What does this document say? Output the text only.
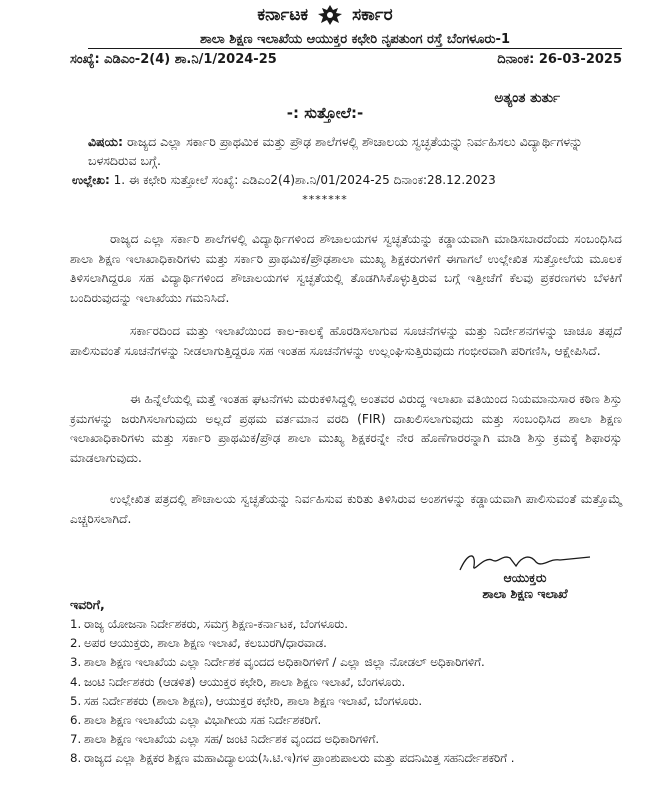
ಕರ್ನಾಟಕ	ಸರ್ಕಾರ
ಶಾಲಾ ಶಿಕ್ಷಣ ಇಲಾಖೆಯ ಆಯುಕ್ತರ ಕಛೇರಿ ನೃಪತುಂಗ ರಸ್ತೆ ಬೆಂಗಳೂರು-1
ಸಂಖ್ಯೆ: ಎಡಿಎಂ-2(4) ಶಾ.ನಿ/1/2024-25	ದಿನಾಂಕ: 26-03-2025
ಅತ್ಯಂತ ತುರ್ತು
-: ಸುತ್ತೋಲೆ:-
ವಿಷಯ: ರಾಜ್ಯದ ಎಲ್ಲಾ ಸರ್ಕಾರಿ ಪ್ರಾಥಮಿಕ ಮತ್ತು ಪ್ರೌಢ ಶಾಲೆಗಳಲ್ಲಿ ಶೌಚಾಲಯ ಸ್ವಚ್ಛತೆಯನ್ನು ನಿರ್ವಹಿಸಲು ವಿದ್ಯಾರ್ಥಿಗಳನ್ನು ಬಳಸದಿರುವ ಬಗ್ಗೆ.
ಉಲ್ಲೇಖ: 1. ಈ ಕಛೇರಿ ಸುತ್ತೋಲೆ ಸಂಖ್ಯೆ: ಎಡಿಎಂ2(4)ಶಾ.ನಿ/01/2024-25 ದಿನಾಂಕ:28.12.2023
*******

ರಾಜ್ಯದ ಎಲ್ಲಾ ಸರ್ಕಾರಿ ಶಾಲೆಗಳಲ್ಲಿ ವಿದ್ಯಾರ್ಥಿಗಳಿಂದ ಶೌಚಾಲಯಗಳ ಸ್ವಚ್ಛತೆಯನ್ನು ಕಡ್ಡಾಯವಾಗಿ ಮಾಡಿಸಬಾರದೆಂದು ಸಂಬಂಧಿಸಿದ ಶಾಲಾ ಶಿಕ್ಷಣ ಇಲಾಖಾಧಿಕಾರಿಗಳು ಮತ್ತು ಸರ್ಕಾರಿ ಪ್ರಾಥಮಿಕ/ಪ್ರೌಢಶಾಲಾ ಮುಖ್ಯ ಶಿಕ್ಷಕರುಗಳಿಗೆ ಈಗಾಗಲೆ ಉಲ್ಲೇಖಿತ ಸುತ್ತೋಲೆಯ ಮೂಲಕ ತಿಳಿಸಲಾಗಿದ್ದರೂ ಸಹ ವಿದ್ಯಾರ್ಥಿಗಳಿಂದ ಶೌಚಾಲಯಗಳ ಸ್ವಚ್ಛತೆಯಲ್ಲಿ ತೊಡಗಿಸಿಕೊಳ್ಳುತ್ತಿರುವ ಬಗ್ಗೆ ಇತ್ತೀಚೆಗೆ ಕೆಲವು ಪ್ರಕರಣಗಳು ಬೆಳಕಿಗೆ ಬಂದಿರುವುದನ್ನು ಇಲಾಖೆಯು ಗಮನಿಸಿದೆ.

ಸರ್ಕಾರದಿಂದ ಮತ್ತು ಇಲಾಖೆಯಿಂದ ಕಾಲ-ಕಾಲಕ್ಕೆ ಹೊರಡಿಸಲಾಗುವ ಸೂಚನೆಗಳನ್ನು ಮತ್ತು ನಿರ್ದೇಶನಗಳನ್ನು ಚಾಚೂ ತಪ್ಪದೆ ಪಾಲಿಸುವಂತೆ ಸೂಚನೆಗಳನ್ನು ನೀಡಲಾಗುತ್ತಿದ್ದರೂ ಸಹ ಇಂತಹ ಸೂಚನೆಗಳನ್ನು ಉಲ್ಲಂಘಿಸುತ್ತಿರುವುದು ಗಂಭೀರವಾಗಿ ಪರಿಗಣಿಸಿ, ಆಕ್ಷೇಪಿಸಿದೆ.

ಈ ಹಿನ್ನೆಲೆಯಲ್ಲಿ ಮತ್ತೆ ಇಂತಹ ಘಟನೆಗಳು ಮರುಕಳಿಸಿದ್ದಲ್ಲಿ ಅಂತವರ ವಿರುದ್ಧ ಇಲಾಖಾ ವತಿಯಿಂದ ನಿಯಮಾನುಸಾರ ಕಠಿಣ ಶಿಸ್ತು ಕ್ರಮಗಳನ್ನು ಜರುಗಿಸಲಾಗುವುದು ಅಲ್ಲದೆ ಪ್ರಥಮ ವರ್ತಮಾನ ವರದಿ (FIR) ದಾಖಲಿಸಲಾಗುವುದು ಮತ್ತು ಸಂಬಂಧಿಸಿದ ಶಾಲಾ ಶಿಕ್ಷಣ ಇಲಾಖಾಧಿಕಾರಿಗಳು ಮತ್ತು ಸರ್ಕಾರಿ ಪ್ರಾಥಮಿಕ/ಪ್ರೌಢ ಶಾಲಾ ಮುಖ್ಯ ಶಿಕ್ಷಕರನ್ನೇ ನೇರ ಹೊಣೆಗಾರರನ್ನಾಗಿ ಮಾಡಿ ಶಿಸ್ತು ಕ್ರಮಕ್ಕೆ ಶಿಫಾರಸ್ಸು ಮಾಡಲಾಗುವುದು.

ಉಲ್ಲೇಖಿತ ಪತ್ರದಲ್ಲಿ ಶೌಚಾಲಯ ಸ್ವಚ್ಛತೆಯನ್ನು ನಿರ್ವಹಿಸುವ ಕುರಿತು ತಿಳಿಸಿರುವ ಅಂಶಗಳನ್ನು ಕಡ್ಡಾಯವಾಗಿ ಪಾಲಿಸುವಂತೆ ಮತ್ತೊಮ್ಮೆ ಎಚ್ಚರಿಸಲಾಗಿದೆ.

ಆಯುಕ್ತರು
ಶಾಲಾ ಶಿಕ್ಷಣ ಇಲಾಖೆ
ಇವರಿಗೆ,
1. ರಾಜ್ಯ ಯೋಜನಾ ನಿರ್ದೇಶಕರು, ಸಮಗ್ರ ಶಿಕ್ಷಣ-ಕರ್ನಾಟಕ, ಬೆಂಗಳೂರು.
2. ಅಪರ ಆಯುಕ್ತರು, ಶಾಲಾ ಶಿಕ್ಷಣ ಇಲಾಖೆ, ಕಲಬುರಗಿ/ಧಾರವಾಡ.
3. ಶಾಲಾ ಶಿಕ್ಷಣ ಇಲಾಖೆಯ ಎಲ್ಲಾ ನಿರ್ದೇಶಕ ವೃಂದದ ಅಧಿಕಾರಿಗಳಿಗೆ / ಎಲ್ಲಾ ಜಿಲ್ಲಾ ನೋಡಲ್ ಅಧಿಕಾರಿಗಳಿಗೆ.
4. ಜಂಟಿ ನಿರ್ದೇಶಕರು (ಆಡಳಿತ) ಆಯುಕ್ತರ ಕಛೇರಿ, ಶಾಲಾ ಶಿಕ್ಷಣ ಇಲಾಖೆ, ಬೆಂಗಳೂರು.
5. ಸಹ ನಿರ್ದೇಶಕರು (ಶಾಲಾ ಶಿಕ್ಷಣ), ಆಯುಕ್ತರ ಕಛೇರಿ, ಶಾಲಾ ಶಿಕ್ಷಣ ಇಲಾಖೆ, ಬೆಂಗಳೂರು.
6. ಶಾಲಾ ಶಿಕ್ಷಣ ಇಲಾಖೆಯ ಎಲ್ಲಾ ವಿಭಾಗೀಯ ಸಹ ನಿರ್ದೇಶಕರಿಗೆ.
7. ಶಾಲಾ ಶಿಕ್ಷಣ ಇಲಾಖೆಯ ಎಲ್ಲಾ ಸಹ/ ಜಂಟಿ ನಿರ್ದೇಶಕ ವೃಂದದ ಅಧಿಕಾರಿಗಳಿಗೆ.
8. ರಾಜ್ಯದ ಎಲ್ಲಾ ಶಿಕ್ಷಕರ ಶಿಕ್ಷಣ ಮಹಾವಿದ್ಯಾಲಯ(ಸಿ.ಟಿ.ಇ)ಗಳ ಪ್ರಾಂಶುಪಾಲರು ಮತ್ತು ಪದನಿಮಿತ್ತ ಸಹನಿರ್ದೇಶಕರಿಗೆ .
